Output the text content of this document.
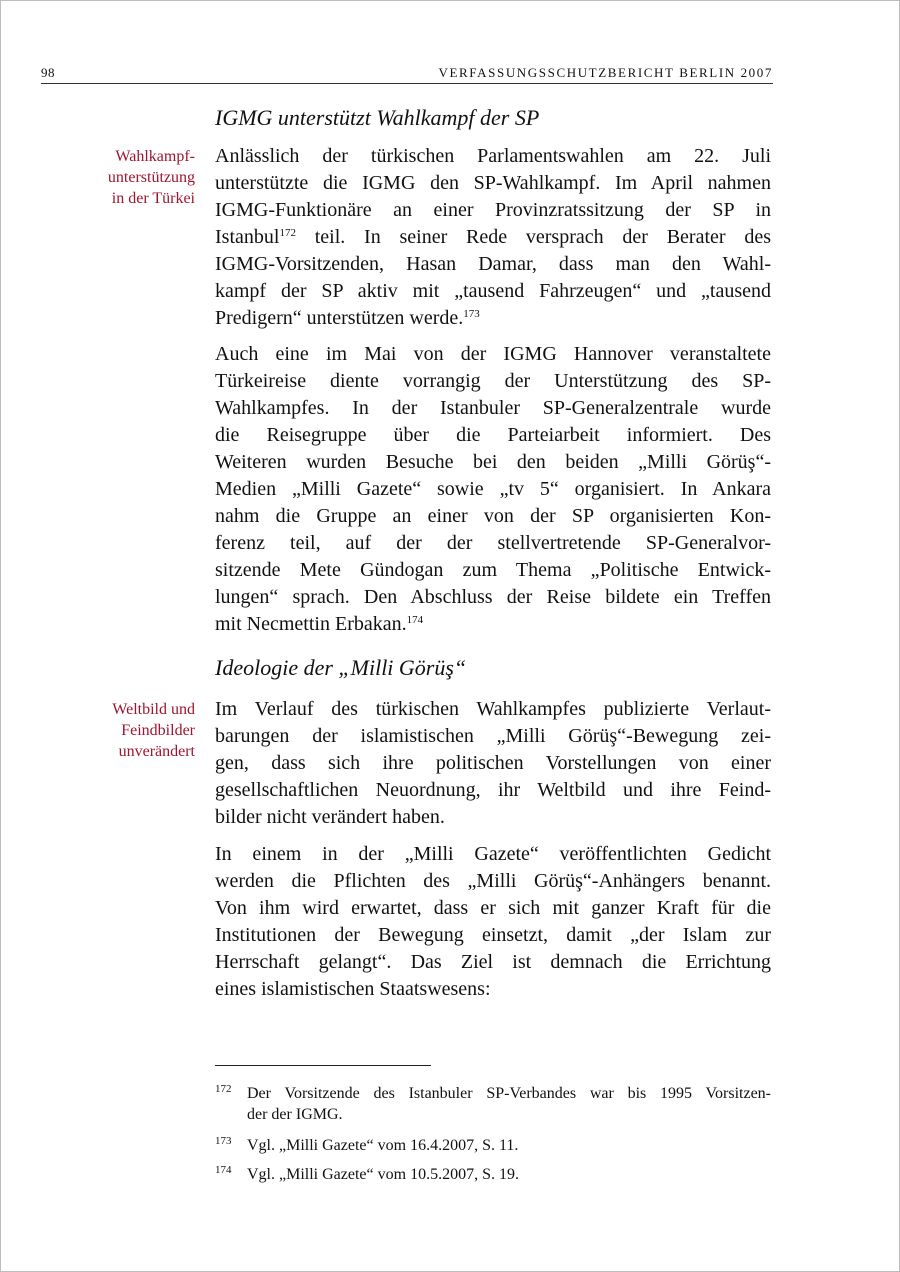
98	VERFASSUNGSSCHUTZBERICHT BERLIN 2007
IGMG unterstützt Wahlkampf der SP
Wahlkampf-
unterstützung
in der Türkei
Anlässlich der türkischen Parlamentswahlen am 22. Juli
unterstützte die IGMG den SP-Wahlkampf. Im April nahmen
IGMG-Funktionäre an einer Provinzratssitzung der SP in
Istanbul$^{172}$ teil. In seiner Rede versprach der Berater des
IGMG-Vorsitzenden, Hasan Damar, dass man den Wahl-
kampf der SP aktiv mit „tausend Fahrzeugen“ und „tausend
Predigern“ unterstützen werde.$^{173}$
Auch eine im Mai von der IGMG Hannover veranstaltete
Türkeireise diente vorrangig der Unterstützung des SP-
Wahlkampfes. In der Istanbuler SP-Generalzentrale wurde
die Reisegruppe über die Parteiarbeit informiert. Des
Weiteren wurden Besuche bei den beiden „Milli Görüş“-
Medien „Milli Gazete“ sowie „tv 5“ organisiert. In Ankara
nahm die Gruppe an einer von der SP organisierten Kon-
ferenz teil, auf der der stellvertretende SP-Generalvor-
sitzende Mete Gündogan zum Thema „Politische Entwick-
lungen“ sprach. Den Abschluss der Reise bildete ein Treffen
mit Necmettin Erbakan.$^{174}$
Ideologie der „Milli Görüş“
Weltbild und
Feindbilder
unverändert
Im Verlauf des türkischen Wahlkampfes publizierte Verlaut-
barungen der islamistischen „Milli Görüş“-Bewegung zei-
gen, dass sich ihre politischen Vorstellungen von einer
gesellschaftlichen Neuordnung, ihr Weltbild und ihre Feind-
bilder nicht verändert haben.
In einem in der „Milli Gazete“ veröffentlichten Gedicht
werden die Pflichten des „Milli Görüş“-Anhängers benannt.
Von ihm wird erwartet, dass er sich mit ganzer Kraft für die
Institutionen der Bewegung einsetzt, damit „der Islam zur
Herrschaft gelangt“. Das Ziel ist demnach die Errichtung
eines islamistischen Staatswesens:
172 Der Vorsitzende des Istanbuler SP-Verbandes war bis 1995 Vorsitzen-
der der IGMG.
173 Vgl. „Milli Gazete“ vom 16.4.2007, S. 11.
174 Vgl. „Milli Gazete“ vom 10.5.2007, S. 19.
